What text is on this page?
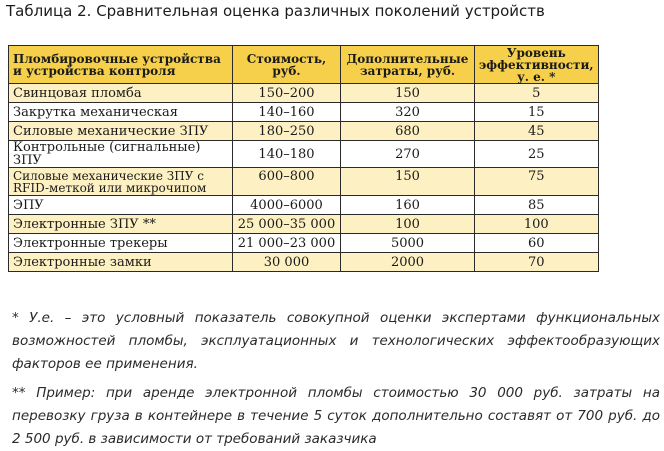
Таблица 2. Сравнительная оценка различных поколений устройств
Пломбировочные устройства и устройства контроля	Стоимость, руб.	Дополнительные затраты, руб.	Уровень эффективности, у. е. *
Свинцовая пломба	150–200	150	5
Закрутка механическая	140–160	320	15
Силовые механические ЗПУ	180–250	680	45
Контрольные (сигнальные) ЗПУ	140–180	270	25
Силовые механические ЗПУ с RFID-меткой или микрочипом	600–800	150	75
ЭПУ	4000–6000	160	85
Электронные ЗПУ **	25 000–35 000	100	100
Электронные трекеры	21 000–23 000	5000	60
Электронные замки	30 000	2000	70
* У.е. – это условный показатель совокупной оценки экспертами функциональных возможностей пломбы, эксплуатационных и технологических эффектообразующих факторов ее применения.
** Пример: при аренде электронной пломбы стоимостью 30 000 руб. затраты на перевозку груза в контейнере в течение 5 суток дополнительно составят от 700 руб. до 2 500 руб. в зависимости от требований заказчика
